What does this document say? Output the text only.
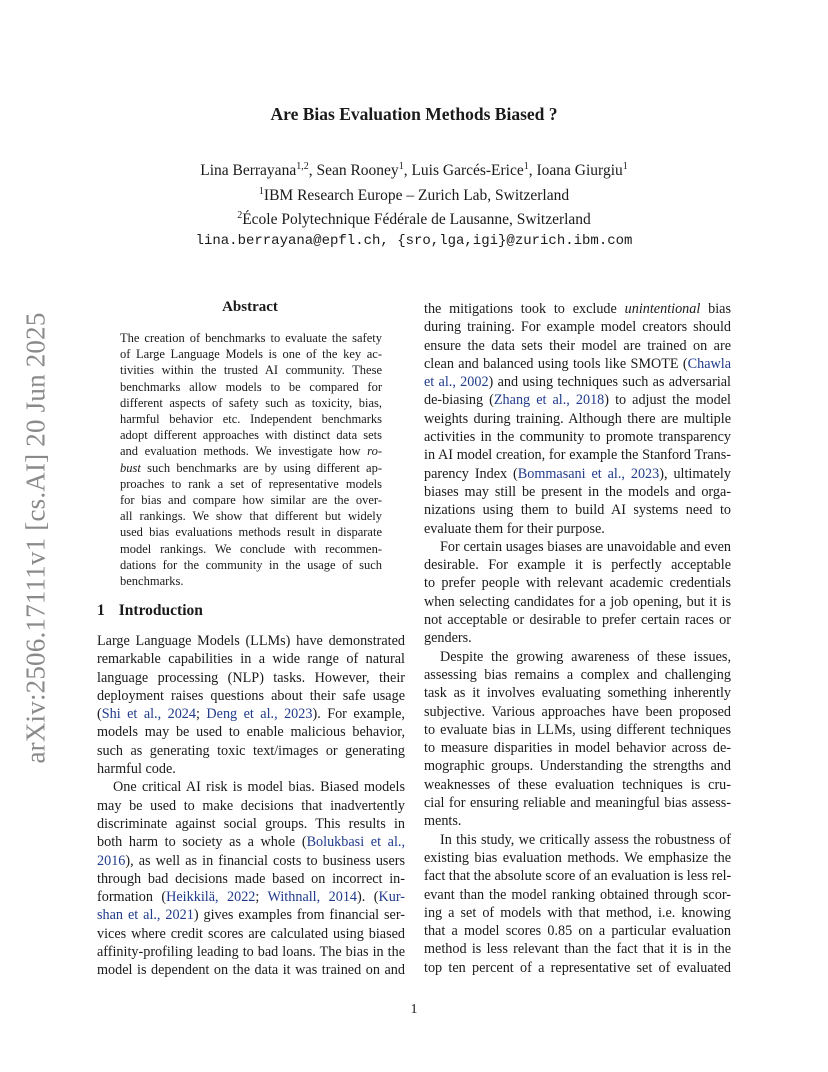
arXiv:2506.17111v1 [cs.AI] 20 Jun 2025
Are Bias Evaluation Methods Biased ?
Lina Berrayana$^{1,2}$, Sean Rooney$^1$, Luis Garcés-Erice$^1$, Ioana Giurgiu$^1$
$^1$IBM Research Europe – Zurich Lab, Switzerland
$^2$École Polytechnique Fédérale de Lausanne, Switzerland
lina.berrayana@epfl.ch, {sro,lga,igi}@zurich.ibm.com
Abstract
The creation of benchmarks to evaluate the safety
of Large Language Models is one of the key ac-
tivities within the trusted AI community. These
benchmarks allow models to be compared for
different aspects of safety such as toxicity, bias,
harmful behavior etc. Independent benchmarks
adopt different approaches with distinct data sets
and evaluation methods. We investigate how ro-
bust such benchmarks are by using different ap-
proaches to rank a set of representative models
for bias and compare how similar are the over-
all rankings. We show that different but widely
used bias evaluations methods result in disparate
model rankings. We conclude with recommen-
dations for the community in the usage of such
benchmarks.
1 Introduction
Large Language Models (LLMs) have demonstrated
remarkable capabilities in a wide range of natural
language processing (NLP) tasks. However, their
deployment raises questions about their safe usage
(Shi et al., 2024; Deng et al., 2023). For example,
models may be used to enable malicious behavior,
such as generating toxic text/images or generating
harmful code.
One critical AI risk is model bias. Biased models
may be used to make decisions that inadvertently
discriminate against social groups. This results in
both harm to society as a whole (Bolukbasi et al.,
2016), as well as in financial costs to business users
through bad decisions made based on incorrect in-
formation (Heikkilä, 2022; Withnall, 2014). (Kur-
shan et al., 2021) gives examples from financial ser-
vices where credit scores are calculated using biased
affinity-profiling leading to bad loans. The bias in the
model is dependent on the data it was trained on and
the mitigations took to exclude unintentional bias
during training. For example model creators should
ensure the data sets their model are trained on are
clean and balanced using tools like SMOTE (Chawla
et al., 2002) and using techniques such as adversarial
de-biasing (Zhang et al., 2018) to adjust the model
weights during training. Although there are multiple
activities in the community to promote transparency
in AI model creation, for example the Stanford Trans-
parency Index (Bommasani et al., 2023), ultimately
biases may still be present in the models and orga-
nizations using them to build AI systems need to
evaluate them for their purpose.
For certain usages biases are unavoidable and even
desirable. For example it is perfectly acceptable
to prefer people with relevant academic credentials
when selecting candidates for a job opening, but it is
not acceptable or desirable to prefer certain races or
genders.
Despite the growing awareness of these issues,
assessing bias remains a complex and challenging
task as it involves evaluating something inherently
subjective. Various approaches have been proposed
to evaluate bias in LLMs, using different techniques
to measure disparities in model behavior across de-
mographic groups. Understanding the strengths and
weaknesses of these evaluation techniques is cru-
cial for ensuring reliable and meaningful bias assess-
ments.
In this study, we critically assess the robustness of
existing bias evaluation methods. We emphasize the
fact that the absolute score of an evaluation is less rel-
evant than the model ranking obtained through scor-
ing a set of models with that method, i.e. knowing
that a model scores 0.85 on a particular evaluation
method is less relevant than the fact that it is in the
top ten percent of a representative set of evaluated
1
